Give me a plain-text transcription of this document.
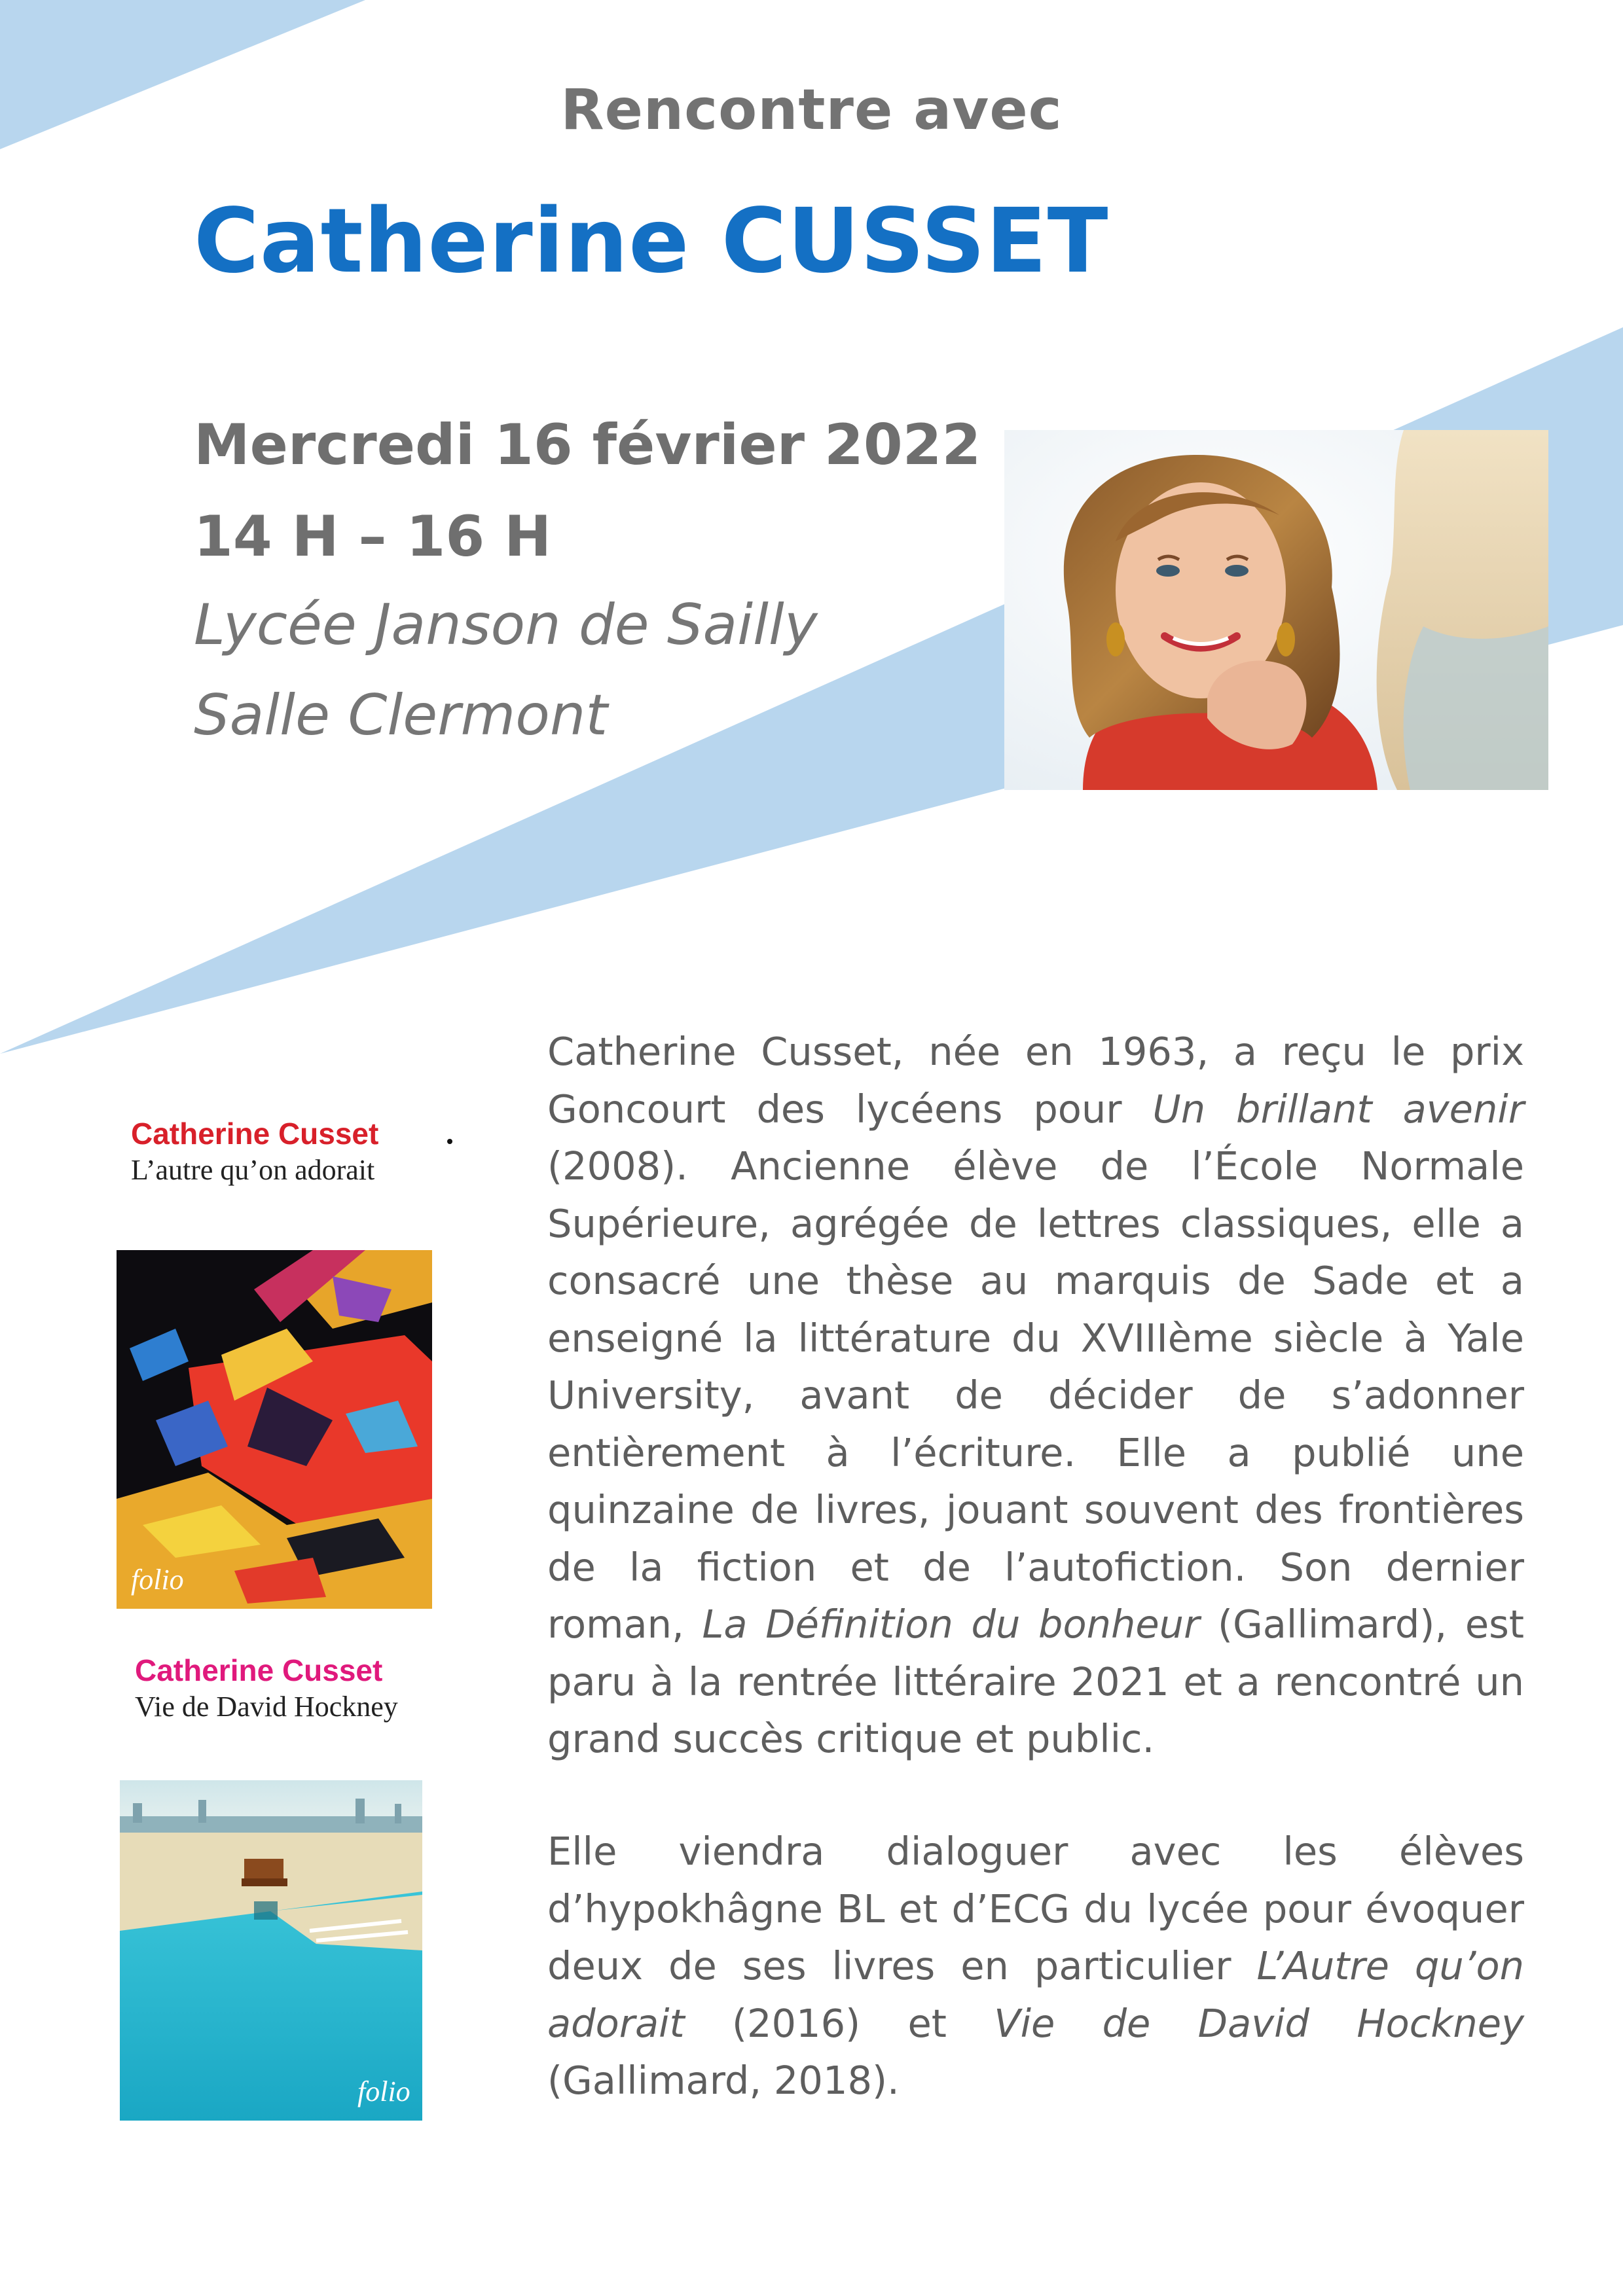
Rencontre avec
Catherine CUSSET
Mercredi 16 février 2022
14 H – 16 H
Lycée Janson de Sailly
Salle Clermont

Catherine Cusset, née en 1963, a reçu le prix Goncourt des lycéens pour Un brillant avenir (2008). Ancienne élève de l’École Normale Supérieure, agrégée de lettres classiques, elle a consacré une thèse au marquis de Sade et a enseigné la littérature du XVIIIème siècle à Yale University, avant de décider de s’adonner entièrement à l’écriture. Elle a publié une quinzaine de livres, jouant souvent des frontières de la fiction et de l’autofiction. Son dernier roman, La Définition du bonheur (Gallimard), est paru à la rentrée littéraire 2021 et a rencontré un grand succès critique et public.

Elle viendra dialoguer avec les élèves d’hypokhâgne BL et d’ECG du lycée pour évoquer deux de ses livres en particulier L’Autre qu’on adorait (2016) et Vie de David Hockney (Gallimard, 2018).

Catherine Cusset
L’autre qu’on adorait
folio
Catherine Cusset
Vie de David Hockney
folio
